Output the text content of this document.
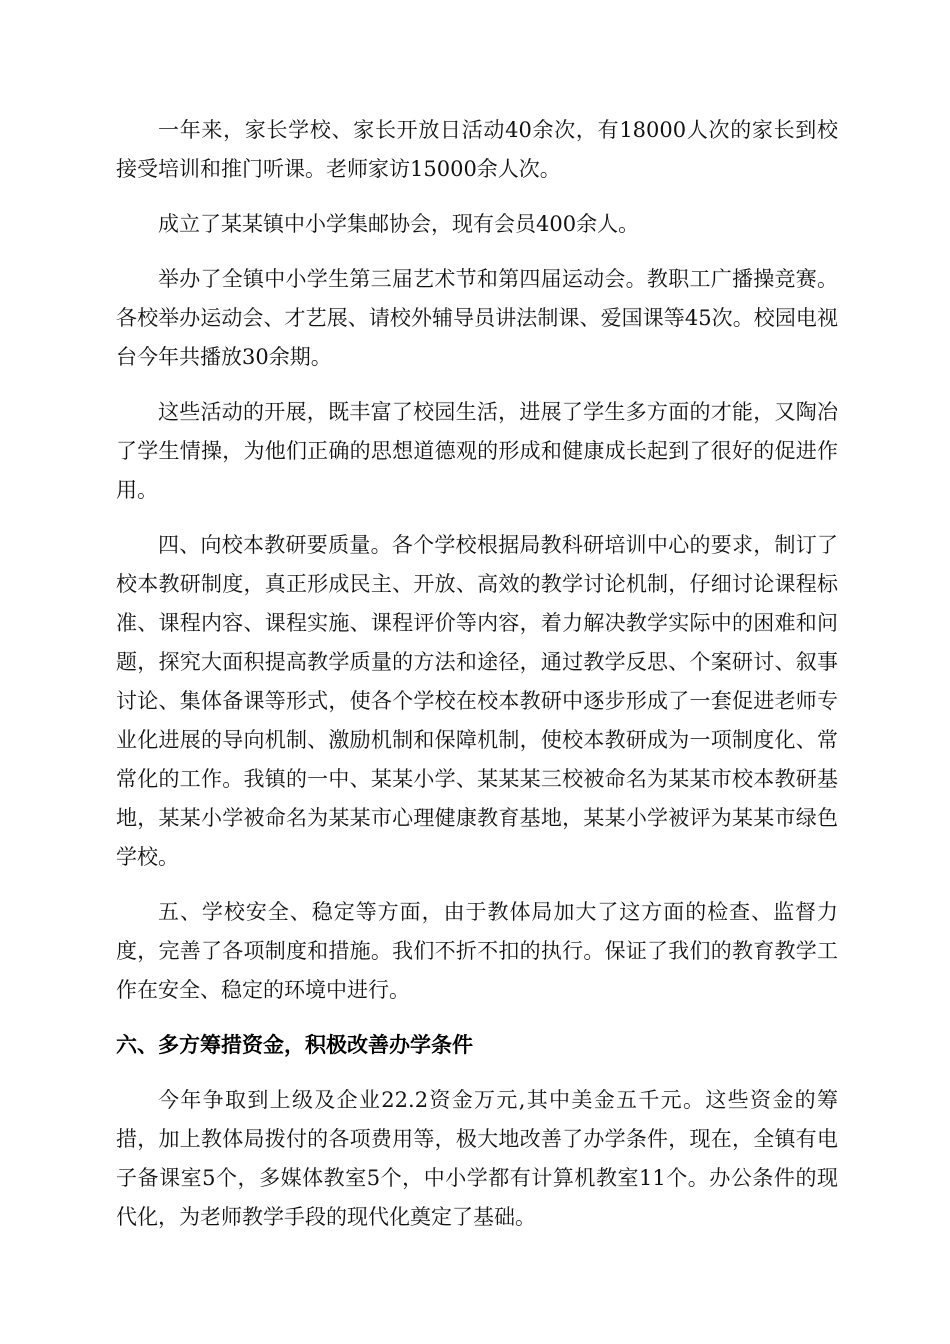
一年来，家长学校、家长开放日活动40余次，有18000人次的家长到校接受培训和推门听课。老师家访15000余人次。

成立了某某镇中小学集邮协会，现有会员400余人。

举办了全镇中小学生第三届艺术节和第四届运动会。教职工广播操竞赛。各校举办运动会、才艺展、请校外辅导员讲法制课、爱国课等45次。校园电视台今年共播放30余期。

这些活动的开展，既丰富了校园生活，进展了学生多方面的才能，又陶冶了学生情操，为他们正确的思想道德观的形成和健康成长起到了很好的促进作用。

四、向校本教研要质量。各个学校根据局教科研培训中心的要求，制订了校本教研制度，真正形成民主、开放、高效的教学讨论机制，仔细讨论课程标准、课程内容、课程实施、课程评价等内容，着力解决教学实际中的困难和问题，探究大面积提高教学质量的方法和途径，通过教学反思、个案研讨、叙事讨论、集体备课等形式，使各个学校在校本教研中逐步形成了一套促进老师专业化进展的导向机制、激励机制和保障机制，使校本教研成为一项制度化、常常化的工作。我镇的一中、某某小学、某某某三校被命名为某某市校本教研基地，某某小学被命名为某某市心理健康教育基地，某某小学被评为某某市绿色学校。

五、学校安全、稳定等方面，由于教体局加大了这方面的检查、监督力度，完善了各项制度和措施。我们不折不扣的执行。保证了我们的教育教学工作在安全、稳定的环境中进行。

六、多方筹措资金，积极改善办学条件

今年争取到上级及企业22.2资金万元,其中美金五千元。这些资金的筹措，加上教体局拨付的各项费用等，极大地改善了办学条件，现在，全镇有电子备课室5个，多媒体教室5个，中小学都有计算机教室11个。办公条件的现代化，为老师教学手段的现代化奠定了基础。
